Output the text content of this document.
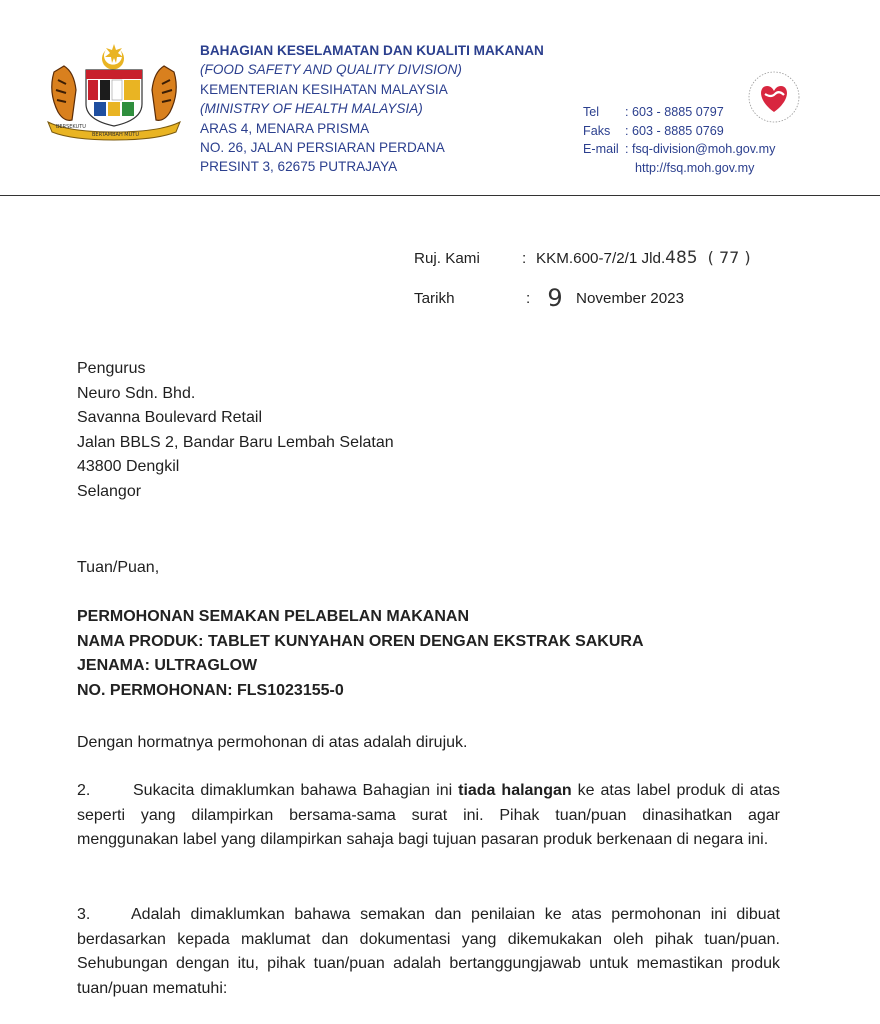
BERSEKUTU
BERTAMBAH MUTU
BAHAGIAN KESELAMATAN DAN KUALITI MAKANAN
(FOOD SAFETY AND QUALITY DIVISION)
KEMENTERIAN KESIHATAN MALAYSIA
(MINISTRY OF HEALTH MALAYSIA)
ARAS 4, MENARA PRISMA
NO. 26, JALAN PERSIARAN PERDANA
PRESINT 3, 62675 PUTRAJAYA
Tel : 603 - 8885 0797
Faks : 603 - 8885 0769
E-mail : fsq-division@moh.gov.my
http://fsq.moh.gov.my
Ruj. Kami	: KKM.600-7/2/1 Jld.485 ( 77 )
Tarikh	: 9 November 2023
Pengurus
Neuro Sdn. Bhd.
Savanna Boulevard Retail
Jalan BBLS 2, Bandar Baru Lembah Selatan
43800 Dengkil
Selangor
Tuan/Puan,
PERMOHONAN SEMAKAN PELABELAN MAKANAN
NAMA PRODUK: TABLET KUNYAHAN OREN DENGAN EKSTRAK SAKURA
JENAMA: ULTRAGLOW
NO. PERMOHONAN: FLS1023155-0
Dengan hormatnya permohonan di atas adalah dirujuk.
2.	Sukacita dimaklumkan bahawa Bahagian ini tiada halangan ke atas label produk di atas seperti yang dilampirkan bersama-sama surat ini. Pihak tuan/puan dinasihatkan agar menggunakan label yang dilampirkan sahaja bagi tujuan pasaran produk berkenaan di negara ini.
3.	Adalah dimaklumkan bahawa semakan dan penilaian ke atas permohonan ini dibuat berdasarkan kepada maklumat dan dokumentasi yang dikemukakan oleh pihak tuan/puan. Sehubungan dengan itu, pihak tuan/puan adalah bertanggungjawab untuk memastikan produk tuan/puan mematuhi:
